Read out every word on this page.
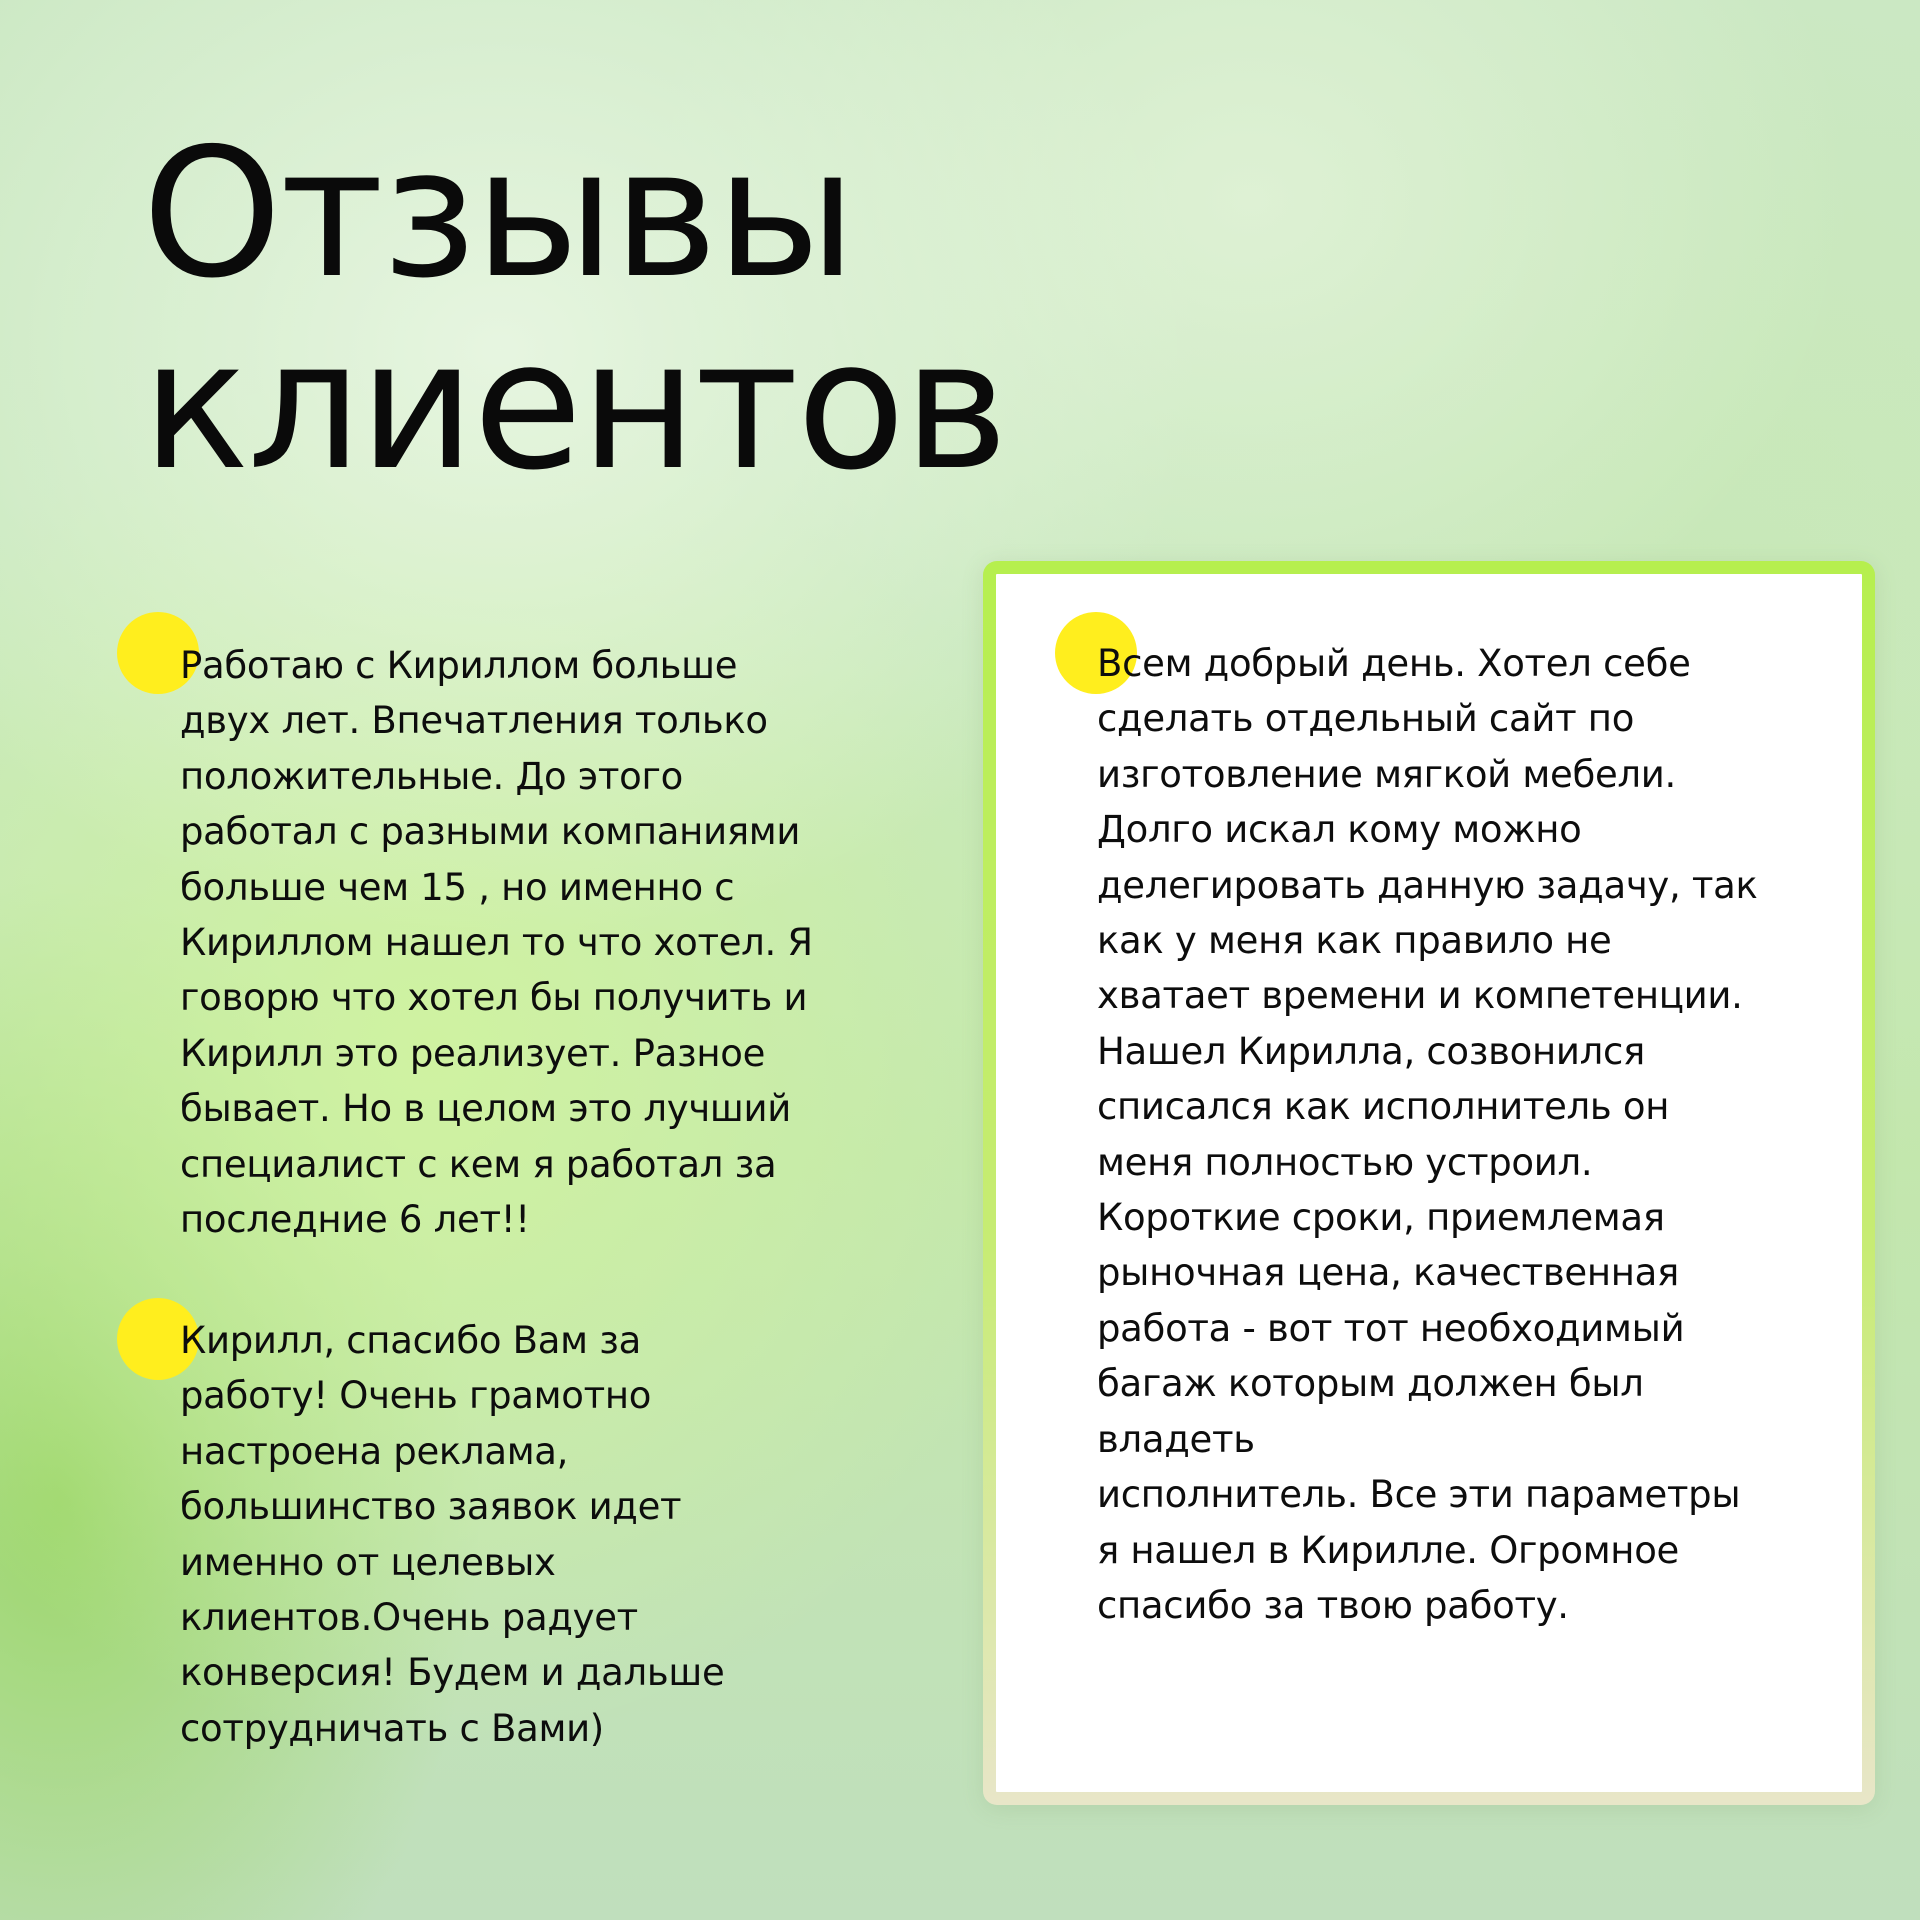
Отзывы
клиентов

Работаю с Кириллом больше
двух лет. Впечатления только
положительные. До этого
работал с разными компаниями
больше чем 15 , но именно с
Кириллом нашел то что хотел. Я
говорю что хотел бы получить и
Кирилл это реализует. Разное
бывает. Но в целом это лучший
специалист с кем я работал за
последние 6 лет!!

Кирилл, спасибо Вам за
работу! Очень грамотно
настроена реклама,
большинство заявок идет
именно от целевых
клиентов.Очень радует
конверсия! Будем и дальше
сотрудничать с Вами)

Всем добрый день. Хотел себе
сделать отдельный сайт по
изготовление мягкой мебели.
Долго искал кому можно
делегировать данную задачу, так
как у меня как правило не
хватает времени и компетенции.
Нашел Кирилла, созвонился
списался как исполнитель он
меня полностью устроил.
Короткие сроки, приемлемая
рыночная цена, качественная
работа - вот тот необходимый
багаж которым должен был
владеть
исполнитель. Все эти параметры
я нашел в Кирилле. Огромное
спасибо за твою работу.
